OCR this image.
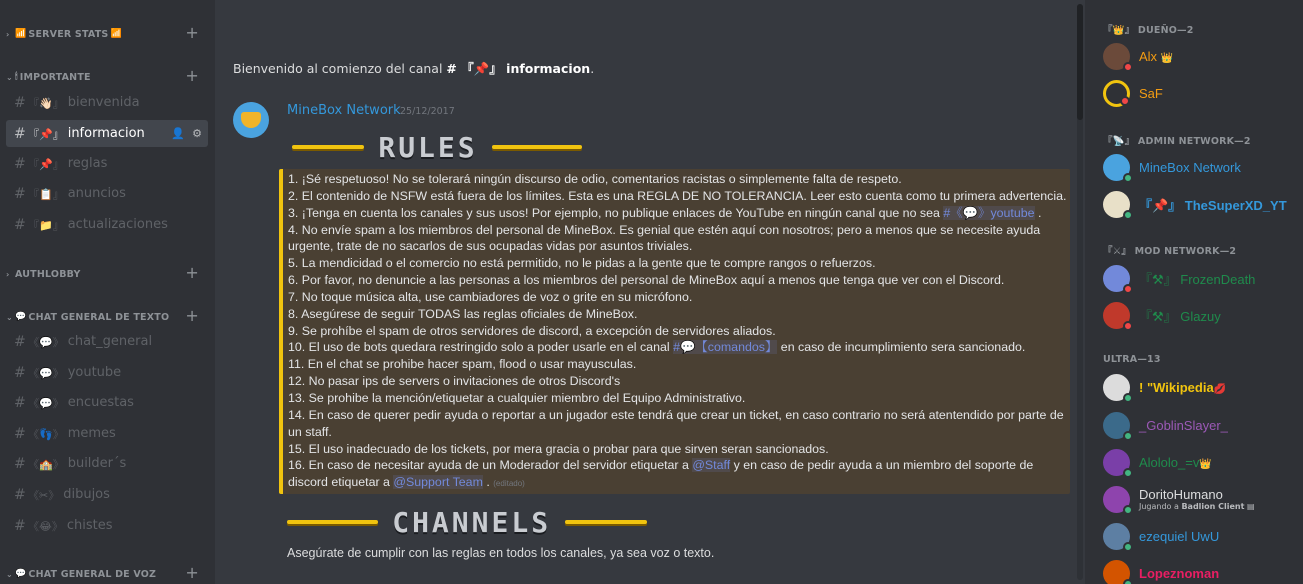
› 📶 SERVER STATS 📶	+
⌄ 🕯 IMPORTANTE	+
# 『👋🏻』 bienvenida
# 『📌』 informacion 👤 ⚙
# 『📌』 reglas
# 『📋』 anuncios
# 『📁』 actualizaciones
› AUTHLOBBY	+
⌄ 💬 CHAT GENERAL DE TEXTO +
# 《💬》 chat_general
# 《💬》 youtube
# 《💬》 encuestas
# 《👣》 memes
# 《🏫》 builder´s
# 《✂》 dibujos
# 《😂》 chistes
⌄ 💬 CHAT GENERAL DE VOZ +
Bienvenido al comienzo del canal # 『📌』 informacion.
MineBox Network 25/12/2017
RULES
1. ¡Sé respetuoso! No se tolerará ningún discurso de odio, comentarios racistas o simplemente falta de respeto.
2. El contenido de NSFW está fuera de los límites. Esta es una REGLA DE NO TOLERANCIA. Leer esto cuenta como tu primera advertencia.
3. ¡Tenga en cuenta los canales y sus usos! Por ejemplo, no publique enlaces de YouTube en ningún canal que no sea #《💬》youtube .
4. No envíe spam a los miembros del personal de MineBox. Es genial que estén aquí con nosotros; pero a menos que se necesite ayuda urgente, trate de no sacarlos de sus ocupadas vidas por asuntos triviales.
5. La mendicidad o el comercio no está permitido, no le pidas a la gente que te compre rangos o refuerzos.
6. Por favor, no denuncie a las personas a los miembros del personal de MineBox aquí a menos que tenga que ver con el Discord.
7. No toque música alta, use cambiadores de voz o grite en su micrófono.
8. Asegúrese de seguir TODAS las reglas oficiales de MineBox.
9. Se prohíbe el spam de otros servidores de discord, a excepción de servidores aliados.
10. El uso de bots quedara restringido solo a poder usarle en el canal #💬【comandos】 en caso de incumplimiento sera sancionado.
11. En el chat se prohibe hacer spam, flood o usar mayusculas.
12. No pasar ips de servers o invitaciones de otros Discord's
13. Se prohibe la mención/etiquetar a cualquier miembro del Equipo Administrativo.
14. En caso de querer pedir ayuda o reportar a un jugador este tendrá que crear un ticket, en caso contrario no será atentendido por parte de un staff.
15. El uso inadecuado de los tickets, por mera gracia o probar para que sirven seran sancionados.
16. En caso de necesitar ayuda de un Moderador del servidor etiquetar a @Staff y en caso de pedir ayuda a un miembro del soporte de discord etiquetar a @Support Team . (editado)
CHANNELS
Asegúrate de cumplir con las reglas en todos los canales, ya sea voz o texto.
『👑』 DUEÑO—2
Alx 👑
SaF
『📡』 ADMIN NETWORK—2
MineBox Network
『📌』 TheSuperXD_YT
『⚔』 MOD NETWORK—2
『⚒』 FrozenDeath
『⚒』 Glazuy
ULTRA—13
! "Wikipedia💋
_GoblinSlayer_
Alololo_=v👑
DoritoHumano
Jugando a Badlion Client ▤
ezequiel UwU
Lopeznoman
